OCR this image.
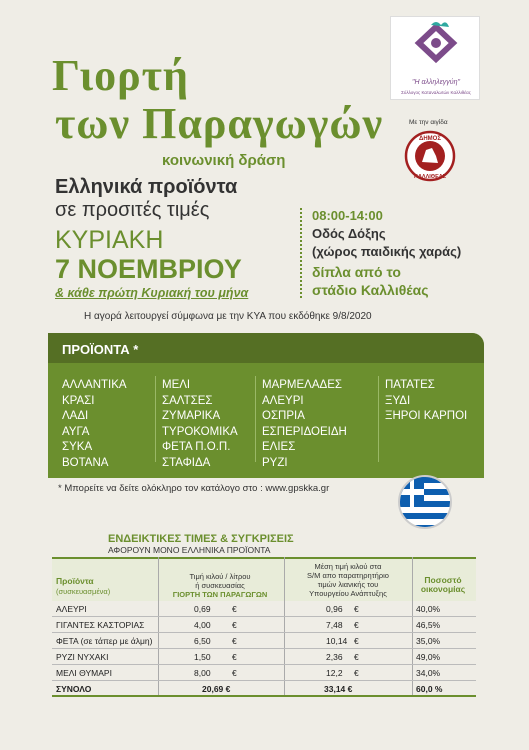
"Η αλληλεγγύη"
Σύλλογος Καταναλωτών Καλλιθέας
Με την αιγίδα
ΔΗΜΟΣ
ΚΑΛΛΙΘΕΑΣ
Γιορτή
των Παραγωγών
κοινωνική δράση
Ελληνικά προϊόντα
σε προσιτές τιμές
ΚΥΡΙΑΚΗ
7 ΝΟΕΜΒΡΙΟΥ
& κάθε πρώτη Κυριακή του μήνα
08:00-14:00
Οδός Δόξης
(χώρος παιδικής χαράς)
δίπλα από το
στάδιο Καλλιθέας
Η αγορά λειτουργεί σύμφωνα με την ΚΥΑ που εκδόθηκε 9/8/2020
ΠΡΟΪΟΝΤΑ *
ΑΛΛΑΝΤΙΚΑ
ΚΡΑΣΙ
ΛΑΔΙ
ΑΥΓΑ
ΣΥΚΑ
ΒΟΤΑΝΑ
ΜΕΛΙ
ΣΑΛΤΣΕΣ
ΖΥΜΑΡΙΚΑ
ΤΥΡΟΚΟΜΙΚΑ
ΦΕΤΑ Π.Ο.Π.
ΣΤΑΦΙΔΑ
ΜΑΡΜΕΛΑΔΕΣ
ΑΛΕΥΡΙ
ΟΣΠΡΙΑ
ΕΣΠΕΡΙΔΟΕΙΔΗ
ΕΛΙΕΣ
ΡΥΖΙ
ΠΑΤΑΤΕΣ
ΞΥΔΙ
ΞΗΡΟΙ ΚΑΡΠΟΙ
* Μπορείτε να δείτε ολόκληρο τον κατάλογο στο : www.gpskka.gr
ΕΝΔΕΙΚΤΙΚΕΣ ΤΙΜΕΣ & ΣΥΓΚΡΙΣΕΙΣ
ΑΦΟΡΟΥΝ ΜΟΝΟ ΕΛΛΗΝΙΚΑ ΠΡΟΪΟΝΤΑ
Προϊόντα
(συσκευασμένα)
Τιμή κιλού / λίτρου
ή συσκευασίας
ΓΙΟΡΤΗ ΤΩΝ ΠΑΡΑΓΩΓΩΝ
Μέση τιμή κιλού στα
S/M απο παρατηρητήριο
τιμών λιανικής του
Υπουργείου Ανάπτυξης
Ποσοστό
οικονομίας
ΑΛΕΥΡΙ	0,69	€	0,96	€	40,0%
ΓΙΓΑΝΤΕΣ ΚΑΣΤΟΡΙΑΣ	4,00	€	7,48	€	46,5%
ΦΕΤΑ (σε τάπερ με άλμη)	6,50	€	10,14 €	35,0%
ΡΥΖΙ ΝΥΧΑΚΙ	1,50	€	2,36	€	49,0%
ΜΕΛΙ ΘΥΜΑΡΙ	8,00	€	12,2	€	34,0%
ΣΥΝΟΛΟ	20,69 €	33,14 €	60,0 %
